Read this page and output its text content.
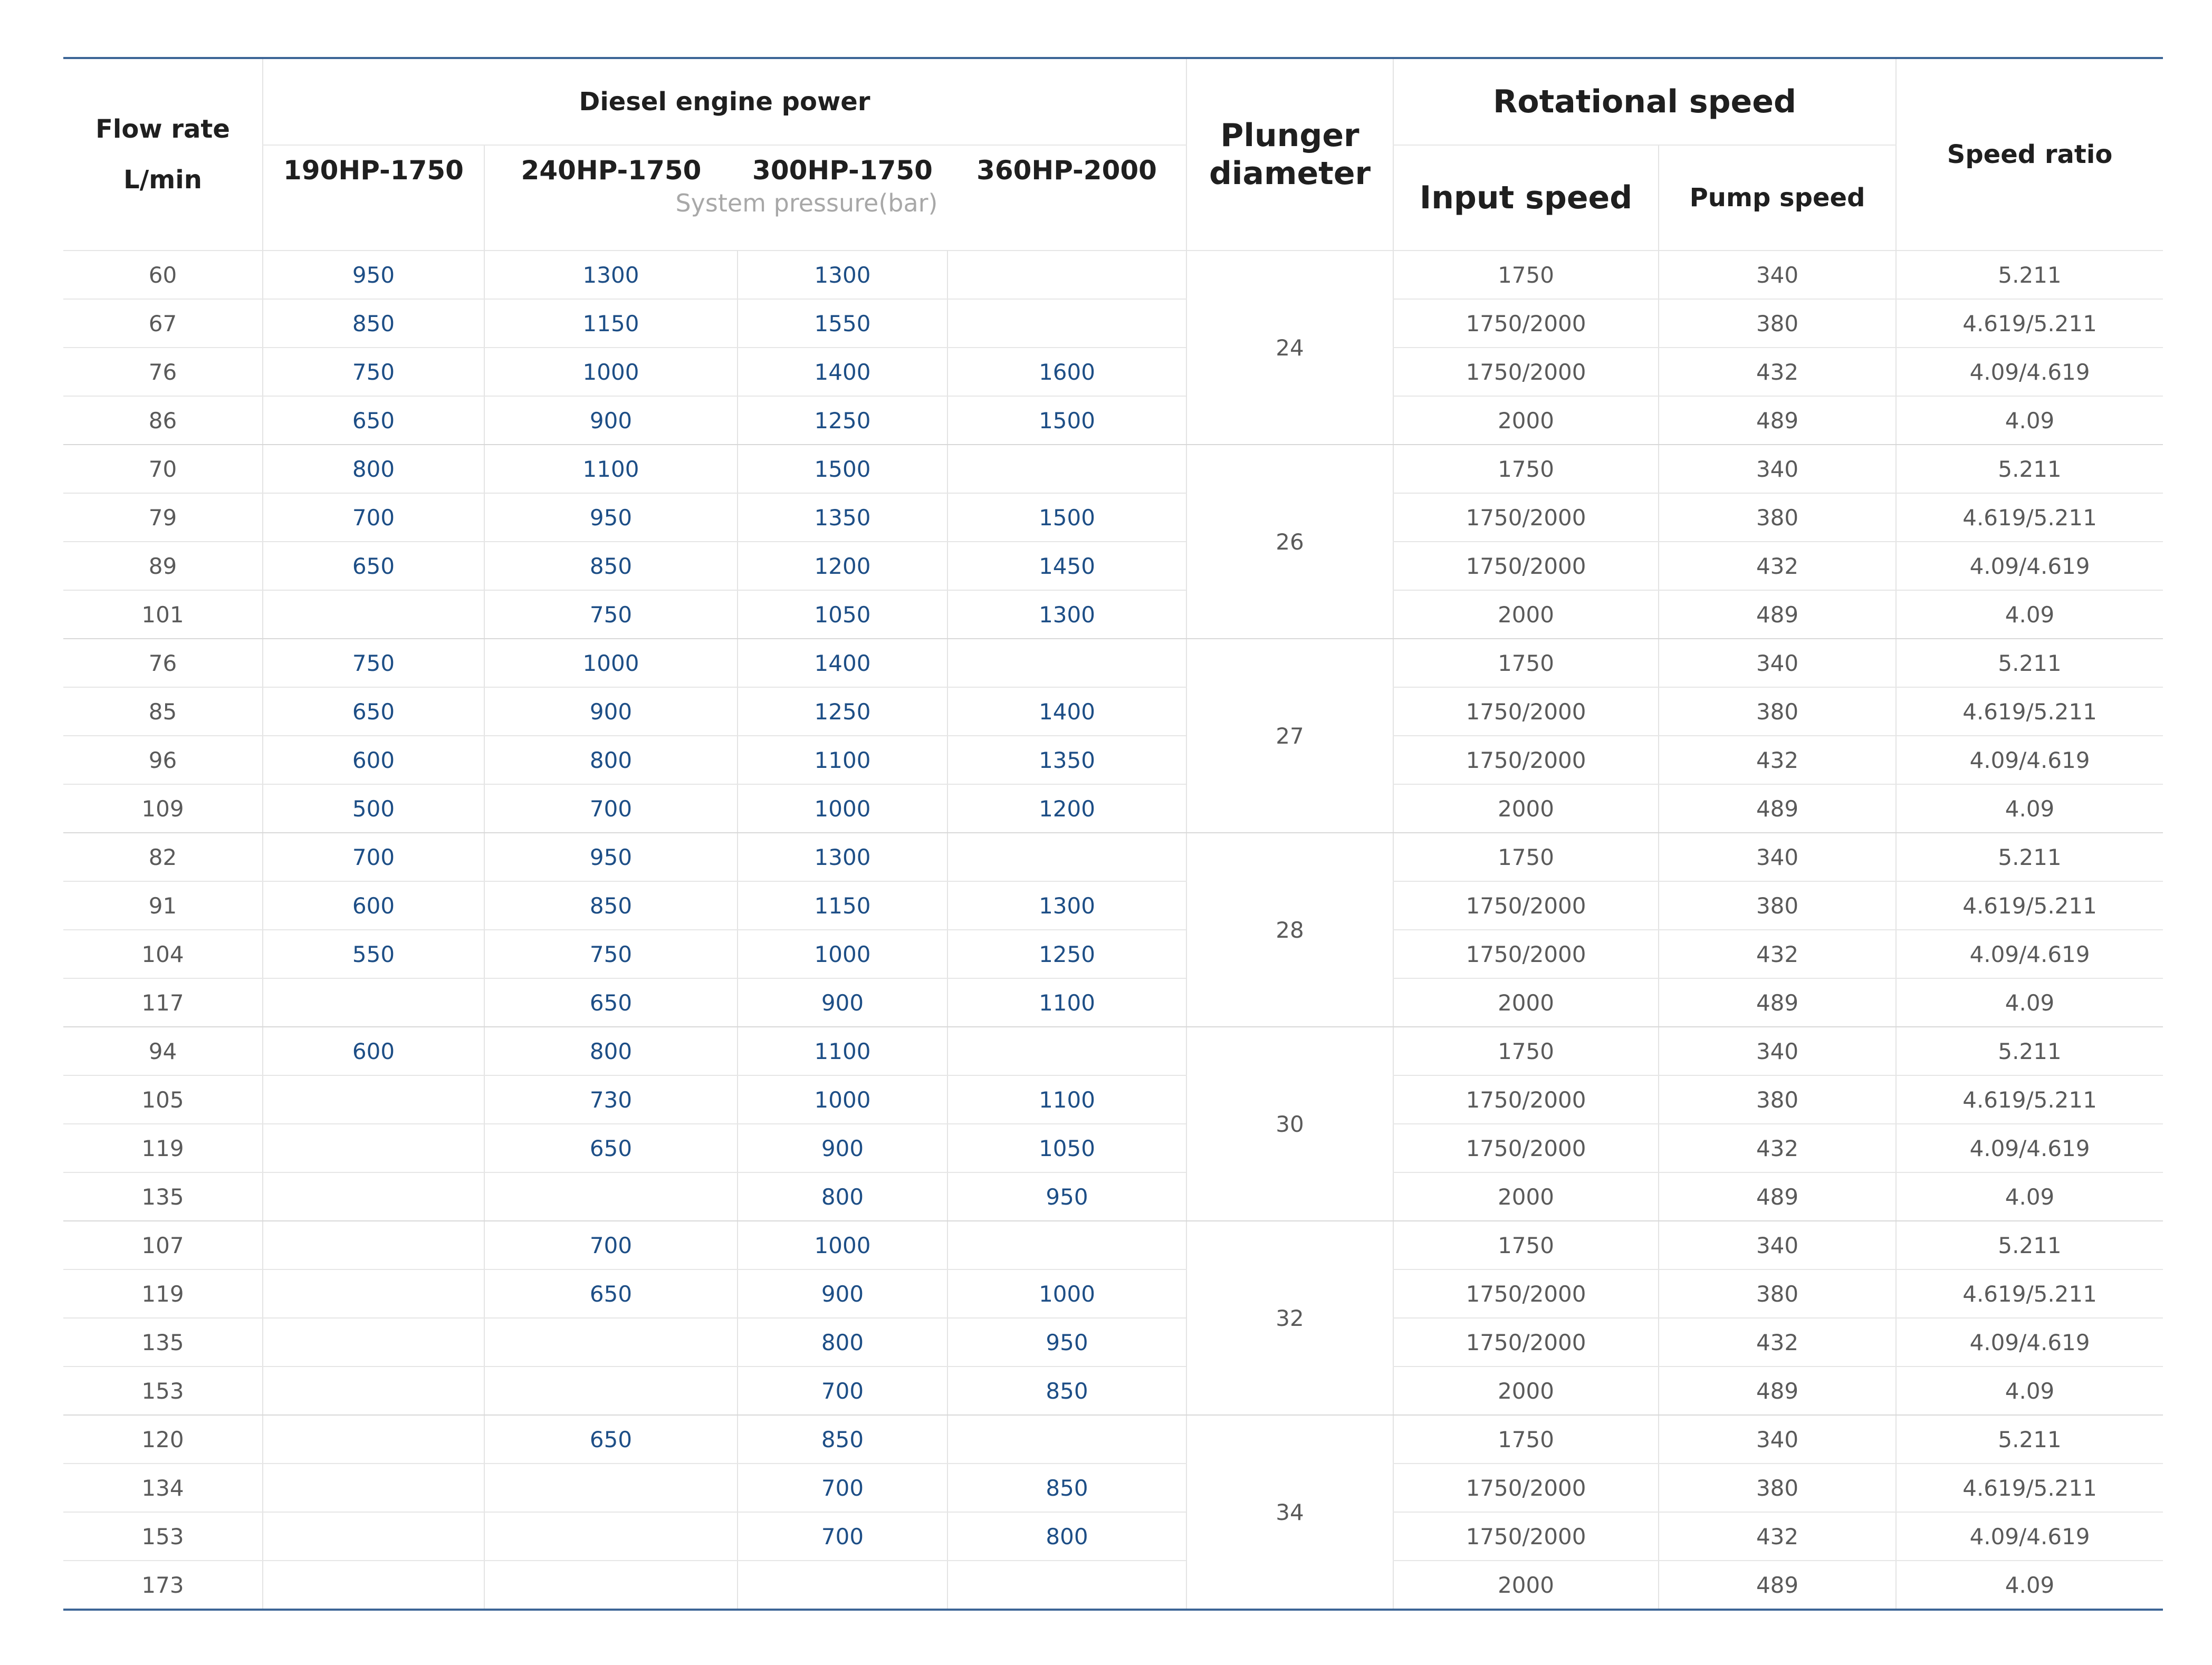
System pressure(bar)
Flow rate
L/min	Diesel engine power				Plunger
diameter	Rotational speed		Speed ratio
	190HP-1750	240HP-1750	300HP-1750	360HP-2000		Input speed	Pump speed	
60	950	1300	1300		24	1750	340	5.211
67	850	1150	1550			1750/2000	380	4.619/5.211
76	750	1000	1400	1600		1750/2000	432	4.09/4.619
86	650	900	1250	1500		2000	489	4.09
70	800	1100	1500		26	1750	340	5.211
79	700	950	1350	1500		1750/2000	380	4.619/5.211
89	650	850	1200	1450		1750/2000	432	4.09/4.619
101		750	1050	1300		2000	489	4.09
76	750	1000	1400		27	1750	340	5.211
85	650	900	1250	1400		1750/2000	380	4.619/5.211
96	600	800	1100	1350		1750/2000	432	4.09/4.619
109	500	700	1000	1200		2000	489	4.09
82	700	950	1300		28	1750	340	5.211
91	600	850	1150	1300		1750/2000	380	4.619/5.211
104	550	750	1000	1250		1750/2000	432	4.09/4.619
117		650	900	1100		2000	489	4.09
94	600	800	1100		30	1750	340	5.211
105		730	1000	1100		1750/2000	380	4.619/5.211
119		650	900	1050		1750/2000	432	4.09/4.619
135			800	950		2000	489	4.09
107		700	1000		32	1750	340	5.211
119		650	900	1000		1750/2000	380	4.619/5.211
135			800	950		1750/2000	432	4.09/4.619
153			700	850		2000	489	4.09
120		650	850		34	1750	340	5.211
134			700	850		1750/2000	380	4.619/5.211
153			700	800		1750/2000	432	4.09/4.619
173						2000	489	4.09
